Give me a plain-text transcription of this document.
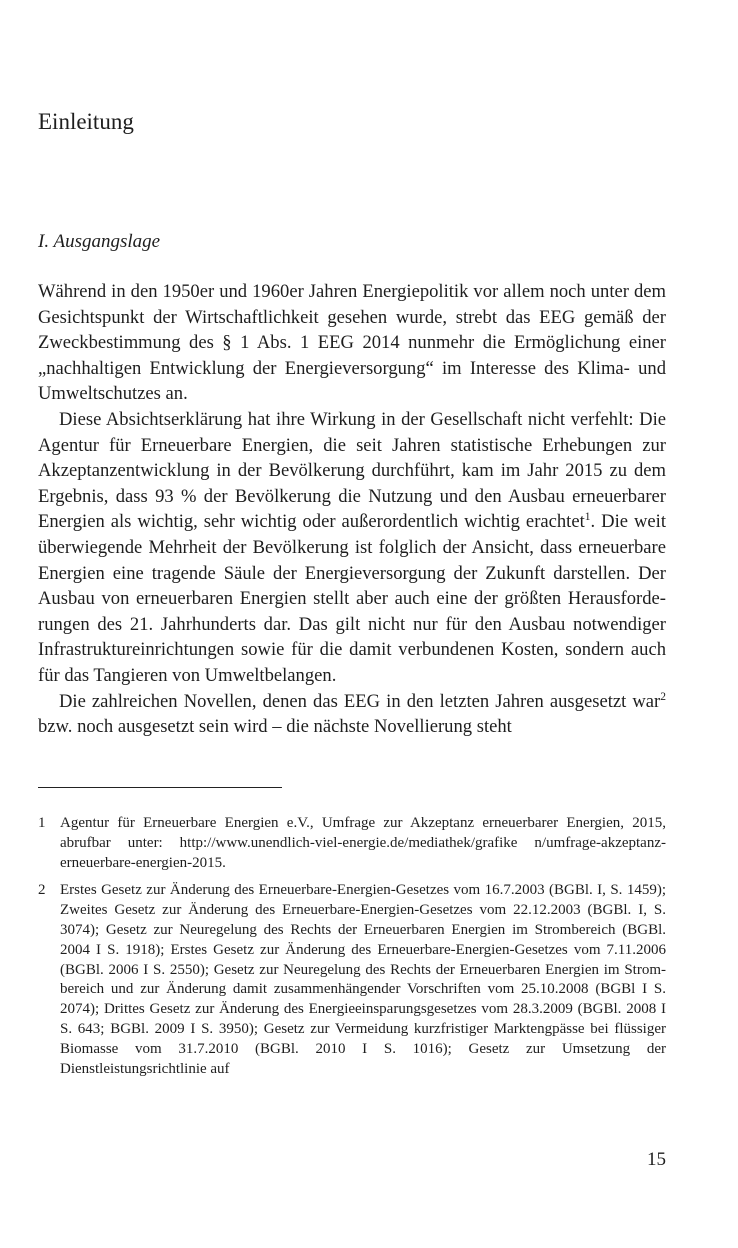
Einleitung
I. Ausgangslage

Während in den 1950er und 1960er Jahren Energiepolitik vor allem noch unter dem Gesichtspunkt der Wirtschaftlichkeit gesehen wurde, strebt das EEG gemäß der Zweckbestimmung des § 1 Abs. 1 EEG 2014 nunmehr die Ermöglichung einer „nachhaltigen Entwicklung der Energieversorgung“ im Interesse des Klima- und Umweltschutzes an.

Diese Absichtserklärung hat ihre Wirkung in der Gesellschaft nicht verfehlt: Die Agentur für Erneuerbare Energien, die seit Jahren statistische Erhebungen zur Akzeptanzentwicklung in der Bevölkerung durchführt, kam im Jahr 2015 zu dem Ergebnis, dass 93 % der Bevölkerung die Nutzung und den Ausbau erneuerbarer Energien als wichtig, sehr wichtig oder außerordentlich wichtig erachtet$^1$. Die weit überwiegende Mehrheit der Bevölkerung ist folglich der Ansicht, dass erneuerbare Energien eine tragende Säule der Energieversorgung der Zukunft darstellen. Der Ausbau von erneuerbaren Energien stellt aber auch eine der größten Herausforderungen des 21. Jahrhunderts dar. Das gilt nicht nur für den Ausbau notwendiger Infrastruktureinrichtungen sowie für die damit verbundenen Kosten, sondern auch für das Tangieren von Umweltbelangen.

Die zahlreichen Novellen, denen das EEG in den letzten Jahren ausgesetzt war$^2$ bzw. noch ausgesetzt sein wird – die nächste Novellierung steht

1 Agentur für Erneuerbare Energien e.V., Umfrage zur Akzeptanz erneuerbarer Energien, 2015, abrufbar unter: http://www.unendlich-viel-energie.de/mediathek/grafike n/umfrage-akzeptanz-erneuerbare-energien-2015.
2 Erstes Gesetz zur Änderung des Erneuerbare-Energien-Gesetzes vom 16.7.2003 (BGBl. I, S. 1459); Zweites Gesetz zur Änderung des Erneuerbare-Energien-Gesetzes vom 22.12.2003 (BGBl. I, S. 3074); Gesetz zur Neuregelung des Rechts der Erneuerbaren Energien im Strombereich (BGBl. 2004 I S. 1918); Erstes Gesetz zur Änderung des Erneuerbare-Energien-Gesetzes vom 7.11.2006 (BGBl. 2006 I S. 2550); Gesetz zur Neuregelung des Rechts der Erneuerbaren Energien im Strombereich und zur Änderung damit zusammenhängender Vorschriften vom 25.10.2008 (BGBl I S. 2074); Drittes Gesetz zur Änderung des Energieeinsparungsgesetzes vom 28.3.2009 (BGBl. 2008 I S. 643; BGBl. 2009 I S. 3950); Gesetz zur Vermeidung kurzfristiger Marktengpässe bei flüssiger Biomasse vom 31.7.2010 (BGBl. 2010 I S. 1016); Gesetz zur Umsetzung der Dienstleistungsrichtlinie auf
15
